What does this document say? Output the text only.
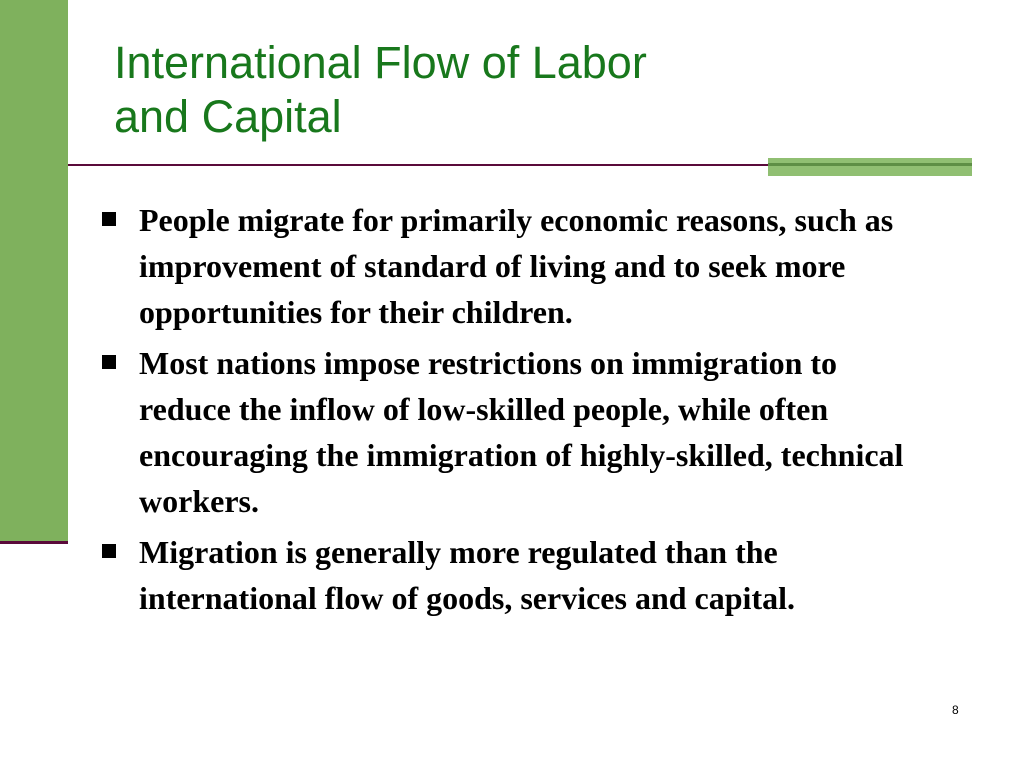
International Flow of Labor
and Capital
People migrate for primarily economic reasons, such as improvement of standard of living and to seek more opportunities for their children.
Most nations impose restrictions on immigration to reduce the inflow of low-skilled people, while often encouraging the immigration of highly-skilled, technical workers.
Migration is generally more regulated than the international flow of goods, services and capital.
8
